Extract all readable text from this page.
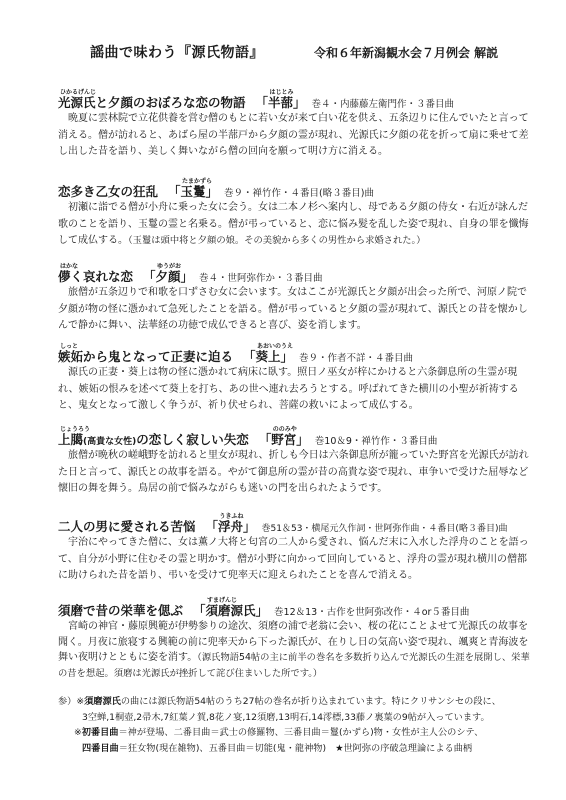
謡曲で味わう『源氏物語』	令和６年新潟観水会７月例会 解説
ひかるげんじ
光源氏と夕顔のおぼろな恋の物語
はじとみ
「半蔀」 巻４・内藤藤左衛門作・３番目曲

晩夏に雲林院で立花供養を営む僧のもとに若い女が来て白い花を供え、五条辺りに住んでいたと言って消える。僧が訪れると、あばら屋の半蔀戸から夕顔の霊が現れ、光源氏に夕顔の花を折って扇に乗せて差し出した昔を語り、美しく舞いながら僧の回向を願って明け方に消える。

恋多き乙女の狂乱
たまかずら
「玉鬘」 巻９・禅竹作・４番目(略３番目)曲

初瀬に詣でる僧が小舟に乗った女に会う。女は二本ノ杉へ案内し、母である夕顔の侍女・右近が詠んだ歌のことを語り、玉鬘の霊と名乗る。僧が弔っていると、恋に悩み髪を乱した姿で現れ、自身の罪を懺悔して成仏する。（玉鬘は頭中将と夕顔の娘。その美貌から多くの男性から求婚された。）

はかな
儚く哀れな恋
ゆうがお
「夕顔」 巻４・世阿弥作か・３番目曲

旅僧が五条辺りで和歌を口ずさむ女に会います。女はここが光源氏と夕顔が出会った所で、河原ノ院で夕顔が物の怪に憑かれて急死したことを語る。僧が弔っていると夕顔の霊が現れて、源氏との昔を懐かしんで静かに舞い、法華経の功徳で成仏できると喜び、姿を消します。

しっと
嫉妬から鬼となって正妻に迫る
あおいのうえ
「葵上」 巻９・作者不詳・４番目曲

源氏の正妻・葵上は物の怪に憑かれて病床に臥す。照日ノ巫女が梓にかけると六条御息所の生霊が現れ、嫉妬の恨みを述べて葵上を打ち、あの世へ連れ去ろうとする。呼ばれてきた横川の小聖が祈祷すると、鬼女となって激しく争うが、祈り伏せられ、菩薩の救いによって成仏する。

じょうろう
上臈(高貴な女性)の恋しく寂しい失恋
ののみや
「野宮」 巻10＆9・禅竹作・３番目曲

旅僧が晩秋の嵯峨野を訪れると里女が現れ、折しも今日は六条御息所が籠っていた野宮を光源氏が訪れた日と言って、源氏との故事を語る。やがて御息所の霊が昔の高貴な姿で現れ、車争いで受けた屈辱など懐旧の舞を舞う。鳥居の前で悩みながらも迷いの門を出られたようです。

二人の男に愛される苦悩
うきふね
「浮舟」 巻51＆53・横尾元久作詞・世阿弥作曲・４番目(略３番目)曲

宇治にやってきた僧に、女は薫ノ大将と匂宮の二人から愛され、悩んだ末に入水した浮舟のことを語って、自分が小野に住むその霊と明かす。僧が小野に向かって回向していると、浮舟の霊が現れ横川の僧都に助けられた昔を語り、弔いを受けて兜率天に迎えられたことを喜んで消える。

須磨で昔の栄華を偲ぶ
すまげんじ
「須磨源氏」 巻12＆13・古作を世阿弥改作・４or５番目曲

宮崎の神官・藤原興範が伊勢参りの途次、須磨の浦で老翁に会い、桜の花にことよせて光源氏の故事を聞く。月夜に旅寝する興範の前に兜率天から下った源氏が、在りし日の気高い姿で現れ、颯爽と青海波を舞い夜明けとともに姿を消す。（源氏物語54帖の主に前半の巻名を多数折り込んで光源氏の生涯を展開し、栄華の昔を想起。須磨は光源氏が挫折して詫び住まいした所です。）

参）※須磨源氏の曲には源氏物語54帖のうち27帖の巻名が折り込まれています。特にクリサンシセの段に、
3空蝉,1桐壺,2帚木,7紅葉ノ賀,8花ノ宴,12須磨,13明石,14澪標,33藤ノ裏葉の9帖が入っています。
※初番目曲＝神が登場、二番目曲＝武士の修羅物、三番目曲＝鬘(かずら)物・女性が主人公のシテ、
四番目曲＝狂女物(現在雑物)、五番目曲＝切能(鬼・龍神物)　★世阿弥の序破急理論による曲柄
